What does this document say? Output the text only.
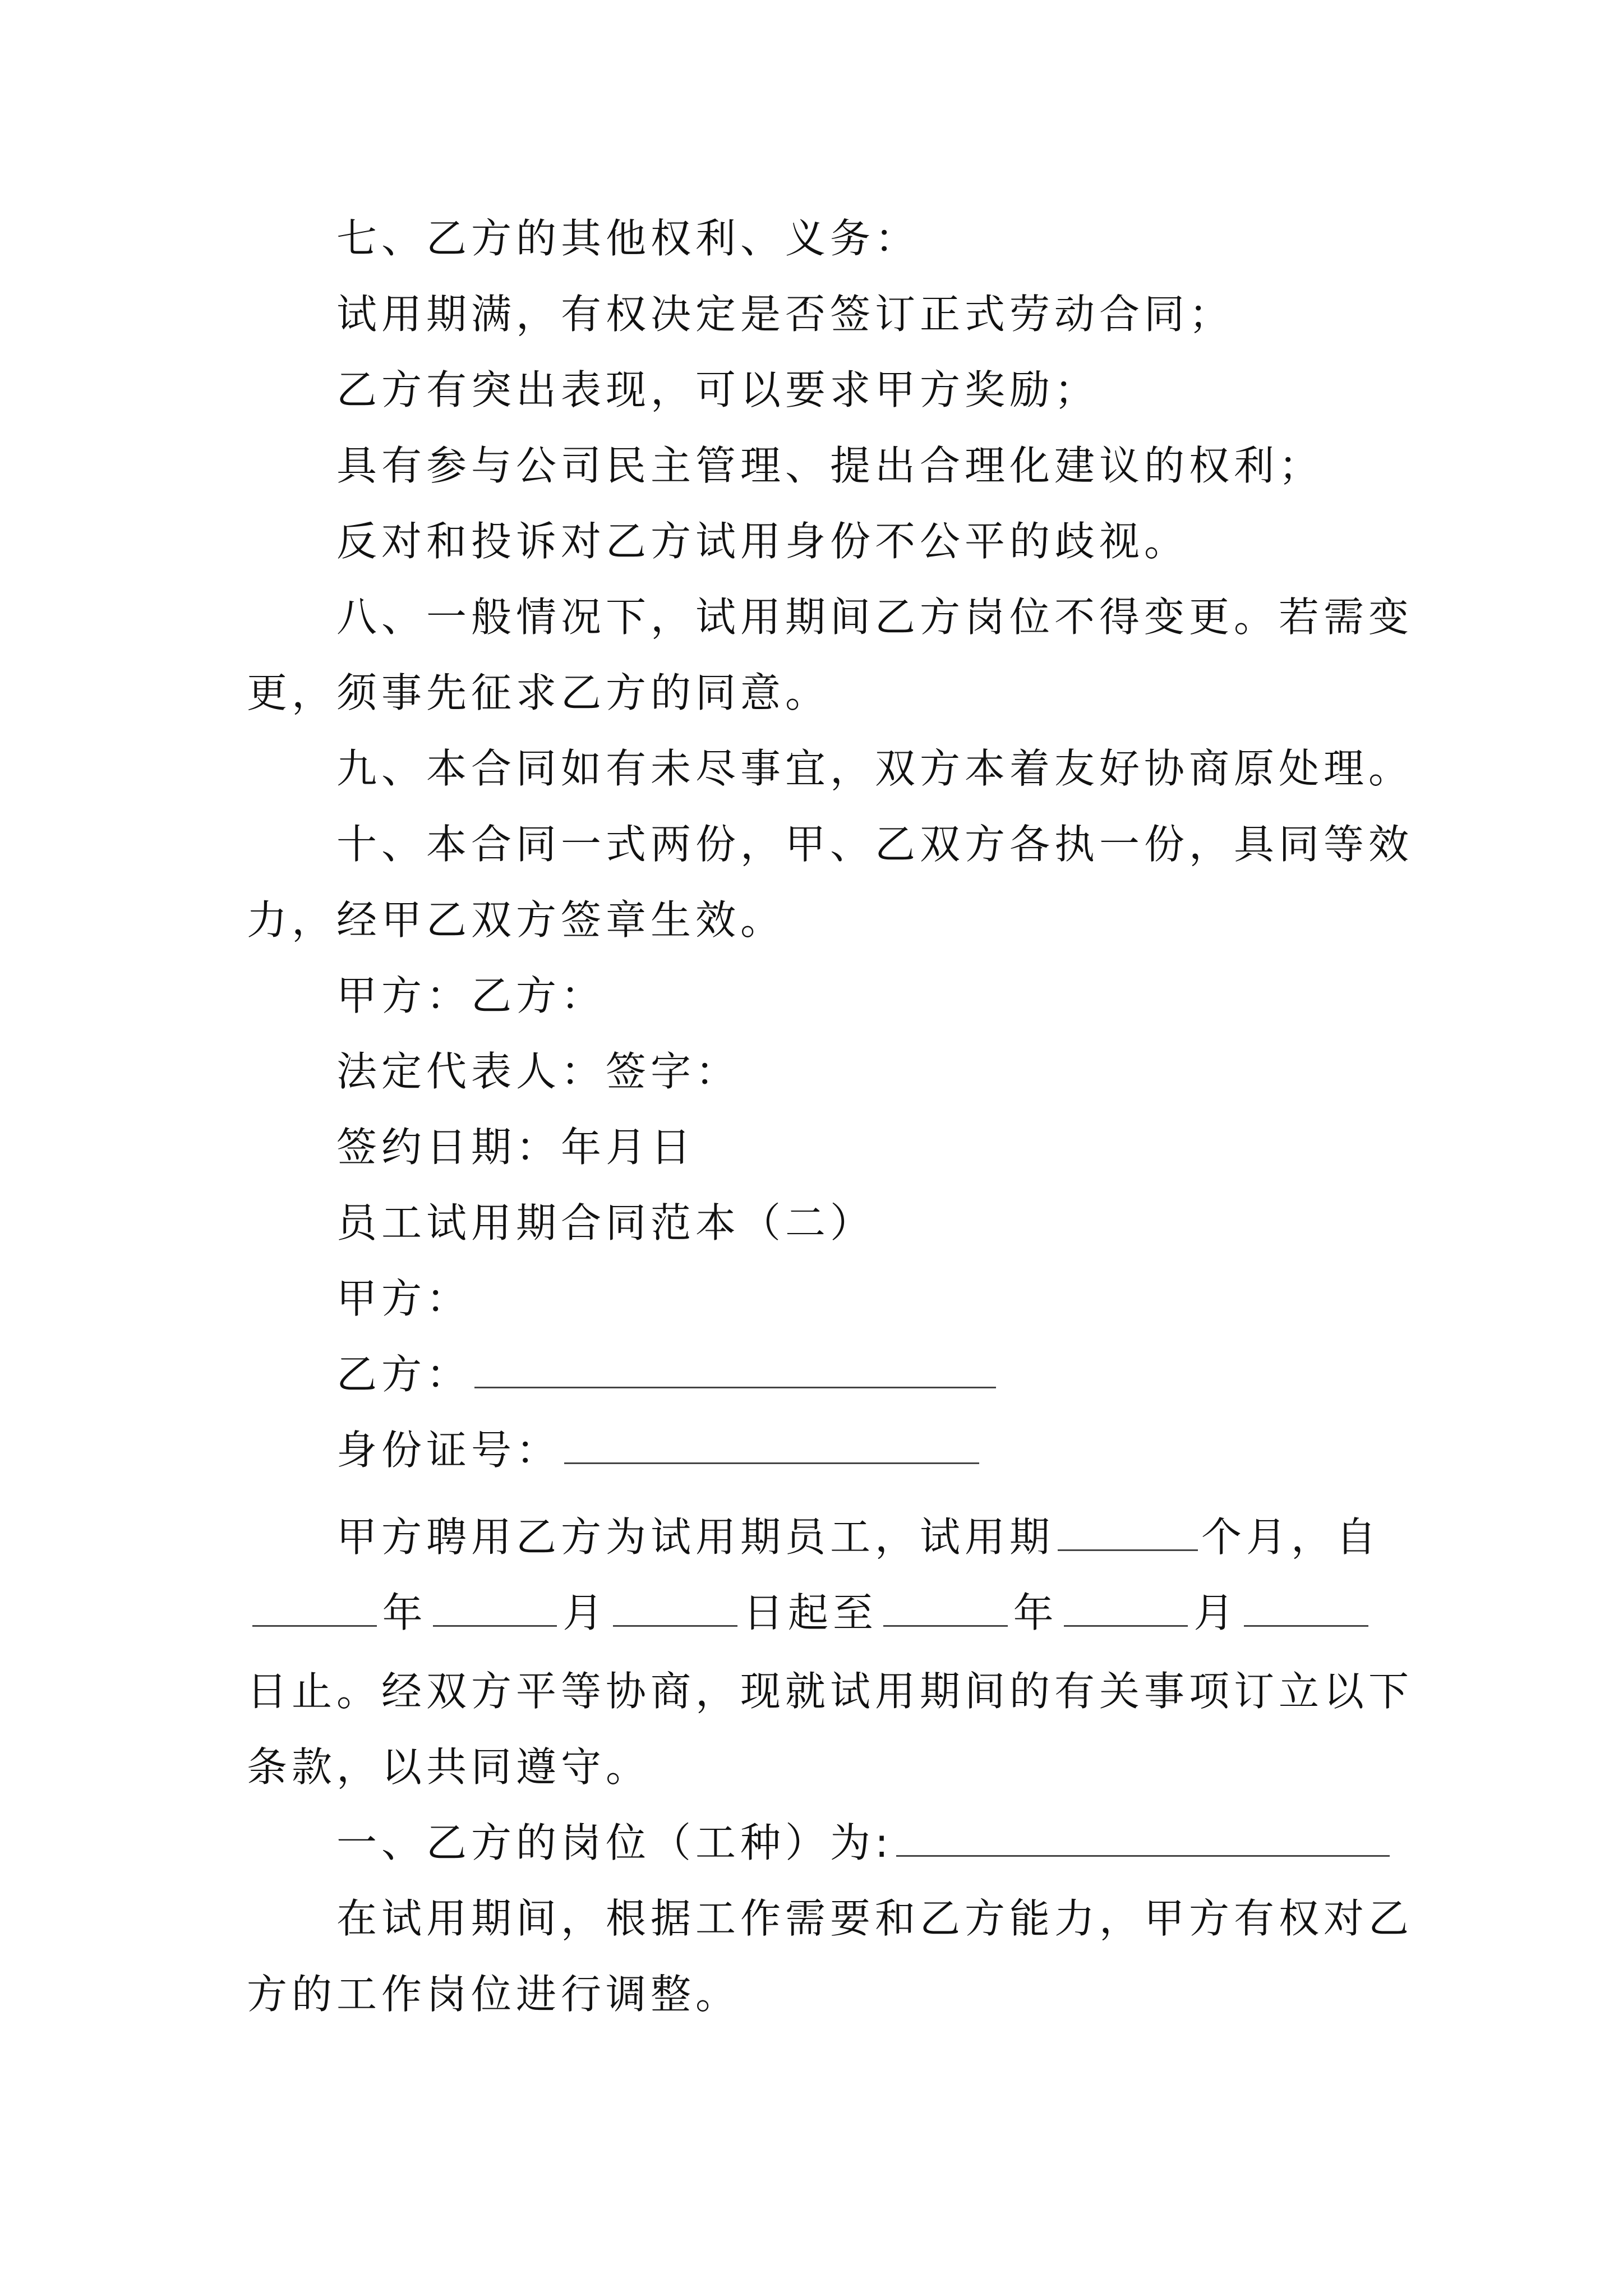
七、乙方的其他权利、义务：
试用期满，有权决定是否签订正式劳动合同；
乙方有突出表现，可以要求甲方奖励；
具有参与公司民主管理、提出合理化建议的权利；
反对和投诉对乙方试用身份不公平的歧视。
八、一般情况下，试用期间乙方岗位不得变更。若需变
更，须事先征求乙方的同意。
九、本合同如有未尽事宜，双方本着友好协商原处理。
十、本合同一式两份，甲、乙双方各执一份，具同等效
力，经甲乙双方签章生效。
甲方：乙方：
法定代表人：签字：
签约日期：年月日
员工试用期合同范本（二）
甲方：
乙方：
身份证号：
甲方聘用乙方为试用期员工，试用期	个月，自
年	月	日起至	年	月
日止。经双方平等协商，现就试用期间的有关事项订立以下
条款，以共同遵守。
一、乙方的岗位（工种）为:
在试用期间，根据工作需要和乙方能力，甲方有权对乙
方的工作岗位进行调整。
